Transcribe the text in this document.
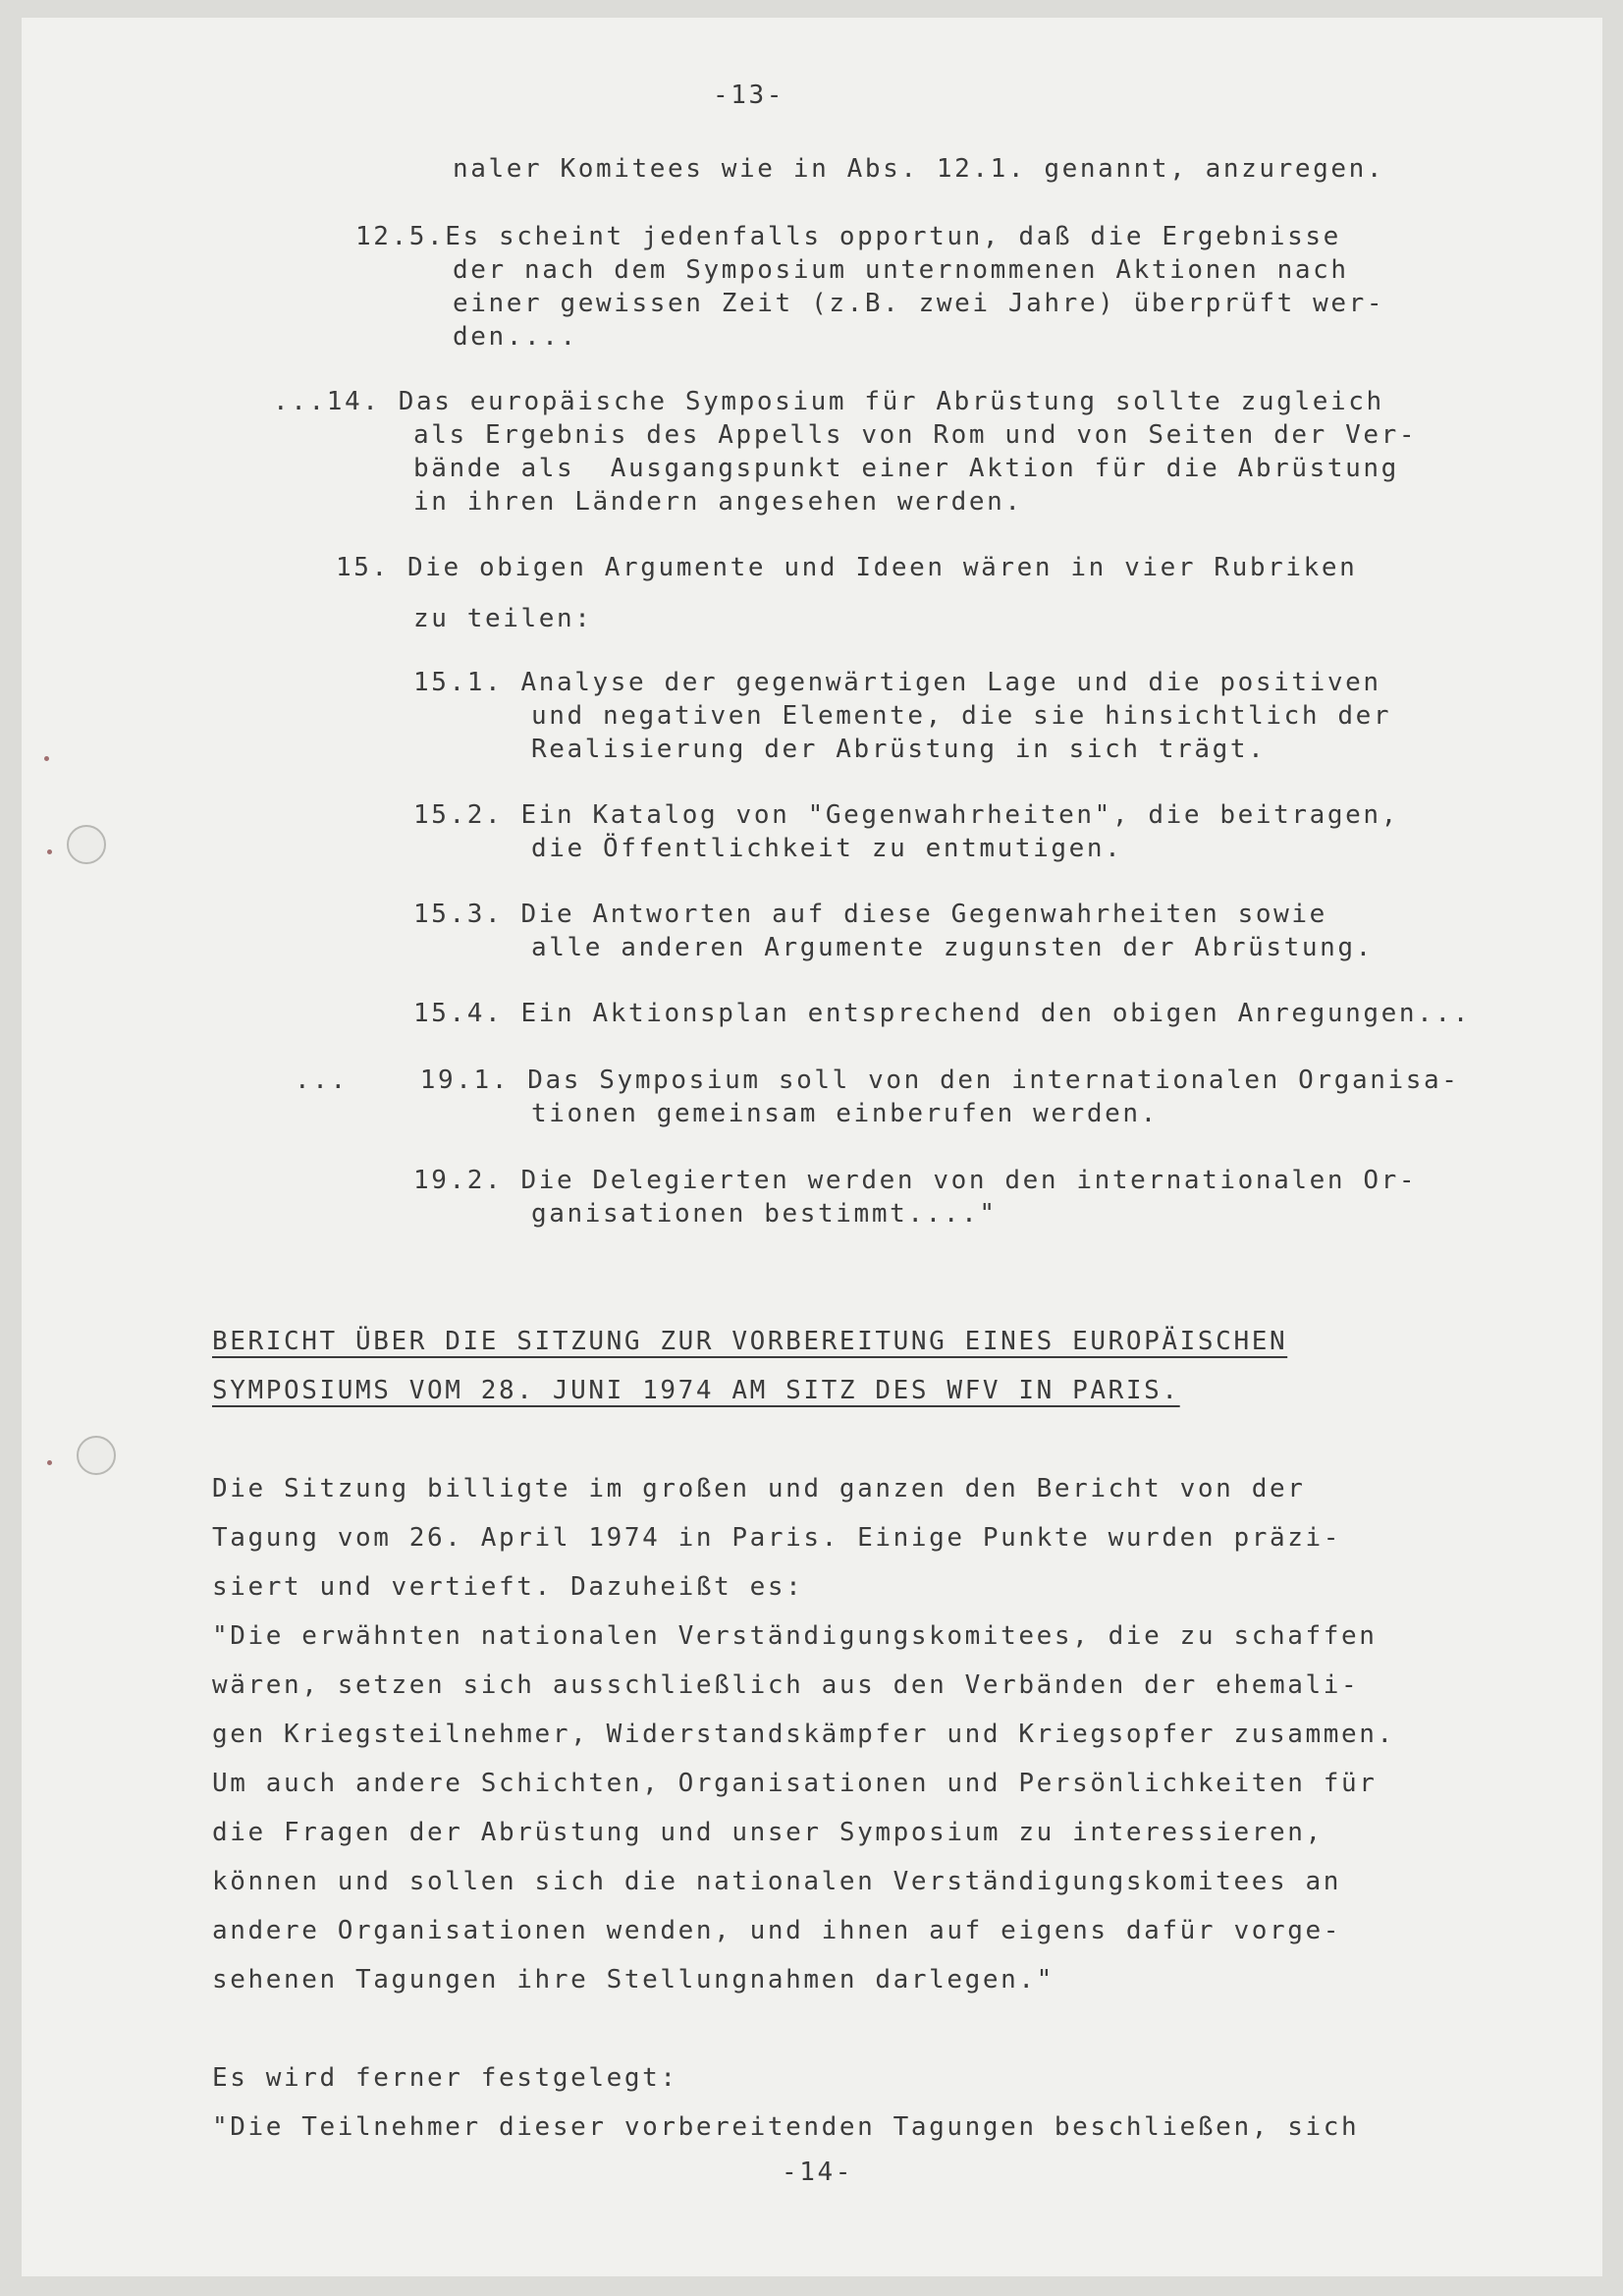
-13-
naler Komitees wie in Abs. 12.1. genannt, anzuregen.
12.5.Es scheint jedenfalls opportun, daß die Ergebnisse
der nach dem Symposium unternommenen Aktionen nach
einer gewissen Zeit (z.B. zwei Jahre) überprüft wer-
den....
...14. Das europäische Symposium für Abrüstung sollte zugleich
als Ergebnis des Appells von Rom und von Seiten der Ver-
bände als  Ausgangspunkt einer Aktion für die Abrüstung
in ihren Ländern angesehen werden.
15. Die obigen Argumente und Ideen wären in vier Rubriken
zu teilen:
15.1. Analyse der gegenwärtigen Lage und die positiven
und negativen Elemente, die sie hinsichtlich der
Realisierung der Abrüstung in sich trägt.
15.2. Ein Katalog von "Gegenwahrheiten", die beitragen,
die Öffentlichkeit zu entmutigen.
15.3. Die Antworten auf diese Gegenwahrheiten sowie
alle anderen Argumente zugunsten der Abrüstung.
15.4. Ein Aktionsplan entsprechend den obigen Anregungen...
...    19.1. Das Symposium soll von den internationalen Organisa-
tionen gemeinsam einberufen werden.
19.2. Die Delegierten werden von den internationalen Or-
ganisationen bestimmt...."
BERICHT ÜBER DIE SITZUNG ZUR VORBEREITUNG EINES EUROPÄISCHEN
SYMPOSIUMS VOM 28. JUNI 1974 AM SITZ DES WFV IN PARIS.
Die Sitzung billigte im großen und ganzen den Bericht von der
Tagung vom 26. April 1974 in Paris. Einige Punkte wurden präzi-
siert und vertieft. Dazuheißt es:
"Die erwähnten nationalen Verständigungskomitees, die zu schaffen
wären, setzen sich ausschließlich aus den Verbänden der ehemali-
gen Kriegsteilnehmer, Widerstandskämpfer und Kriegsopfer zusammen.
Um auch andere Schichten, Organisationen und Persönlichkeiten für
die Fragen der Abrüstung und unser Symposium zu interessieren,
können und sollen sich die nationalen Verständigungskomitees an
andere Organisationen wenden, und ihnen auf eigens dafür vorge-
sehenen Tagungen ihre Stellungnahmen darlegen."
Es wird ferner festgelegt:
"Die Teilnehmer dieser vorbereitenden Tagungen beschließen, sich
-14-
